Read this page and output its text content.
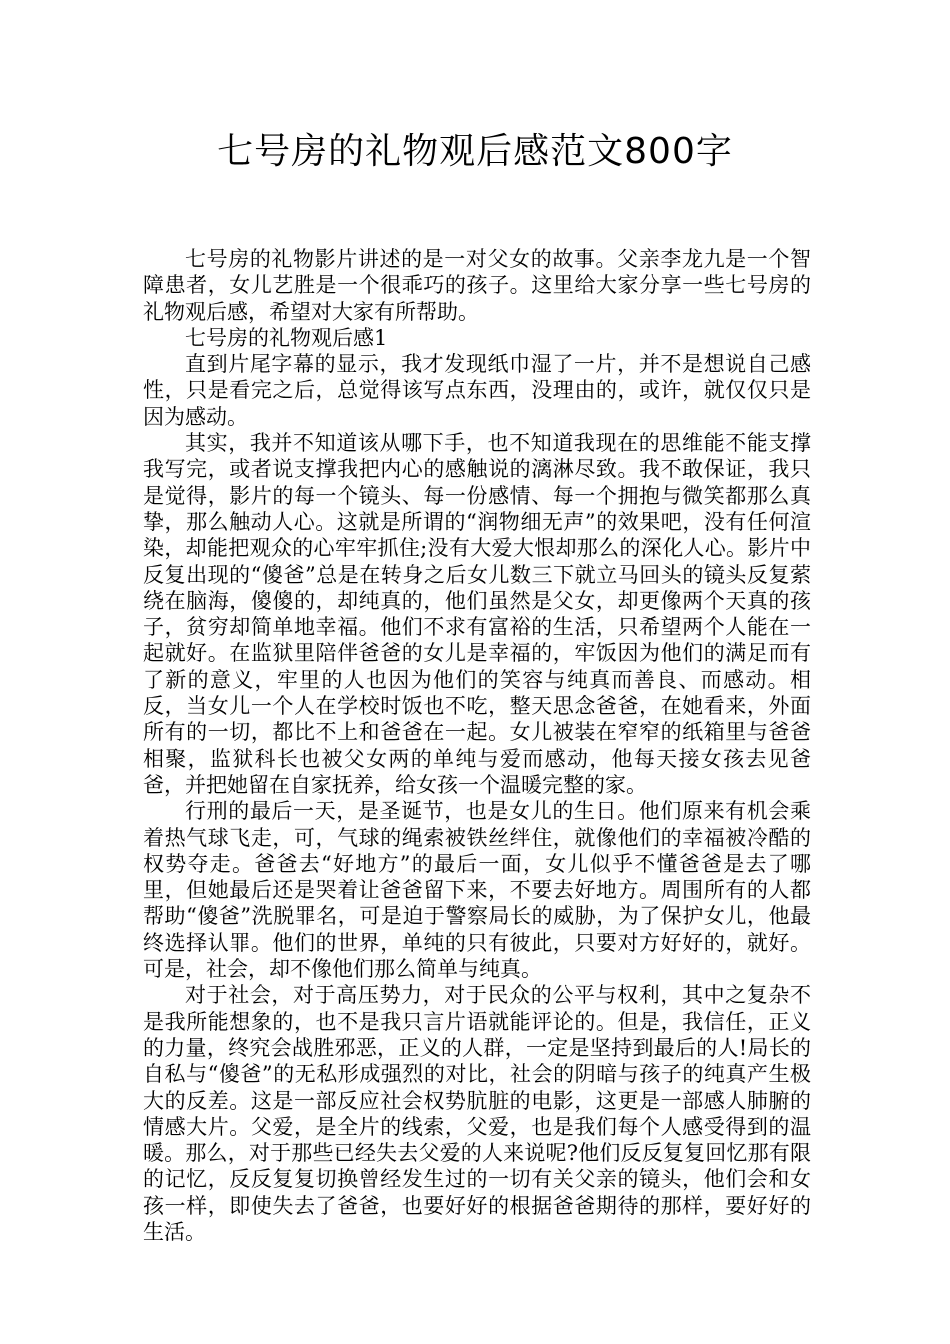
七号房的礼物观后感范文800字

七号房的礼物影片讲述的是一对父女的故事。父亲李龙九是一个智障患者，女儿艺胜是一个很乖巧的孩子。这里给大家分享一些七号房的礼物观后感，希望对大家有所帮助。

七号房的礼物观后感1

直到片尾字幕的显示，我才发现纸巾湿了一片，并不是想说自己感性，只是看完之后，总觉得该写点东西，没理由的，或许，就仅仅只是因为感动。

其实，我并不知道该从哪下手，也不知道我现在的思维能不能支撑我写完，或者说支撑我把内心的感触说的漓淋尽致。我不敢保证，我只是觉得，影片的每一个镜头、每一份感情、每一个拥抱与微笑都那么真挚，那么触动人心。这就是所谓的“润物细无声”的效果吧，没有任何渲染，却能把观众的心牢牢抓住;没有大爱大恨却那么的深化人心。影片中反复出现的“傻爸”总是在转身之后女儿数三下就立马回头的镜头反复萦绕在脑海，傻傻的，却纯真的，他们虽然是父女，却更像两个天真的孩子，贫穷却简单地幸福。他们不求有富裕的生活，只希望两个人能在一起就好。在监狱里陪伴爸爸的女儿是幸福的，牢饭因为他们的满足而有了新的意义，牢里的人也因为他们的笑容与纯真而善良、而感动。相反，当女儿一个人在学校时饭也不吃，整天思念爸爸，在她看来，外面所有的一切，都比不上和爸爸在一起。女儿被装在窄窄的纸箱里与爸爸相聚，监狱科长也被父女两的单纯与爱而感动，他每天接女孩去见爸爸，并把她留在自家抚养，给女孩一个温暖完整的家。

行刑的最后一天，是圣诞节，也是女儿的生日。他们原来有机会乘着热气球飞走，可，气球的绳索被铁丝绊住，就像他们的幸福被冷酷的权势夺走。爸爸去“好地方”的最后一面，女儿似乎不懂爸爸是去了哪里，但她最后还是哭着让爸爸留下来，不要去好地方。周围所有的人都帮助“傻爸”洗脱罪名，可是迫于警察局长的威胁，为了保护女儿，他最终选择认罪。他们的世界，单纯的只有彼此，只要对方好好的，就好。可是，社会，却不像他们那么简单与纯真。

对于社会，对于高压势力，对于民众的公平与权利，其中之复杂不是我所能想象的，也不是我只言片语就能评论的。但是，我信任，正义的力量，终究会战胜邪恶，正义的人群，一定是坚持到最后的人!局长的自私与“傻爸”的无私形成强烈的对比，社会的阴暗与孩子的纯真产生极大的反差。这是一部反应社会权势肮脏的电影，这更是一部感人肺腑的情感大片。父爱，是全片的线索，父爱，也是我们每个人感受得到的温暖。那么，对于那些已经失去父爱的人来说呢?他们反反复复回忆那有限的记忆，反反复复切换曾经发生过的一切有关父亲的镜头，他们会和女孩一样，即使失去了爸爸，也要好好的根据爸爸期待的那样，要好好的生活。
